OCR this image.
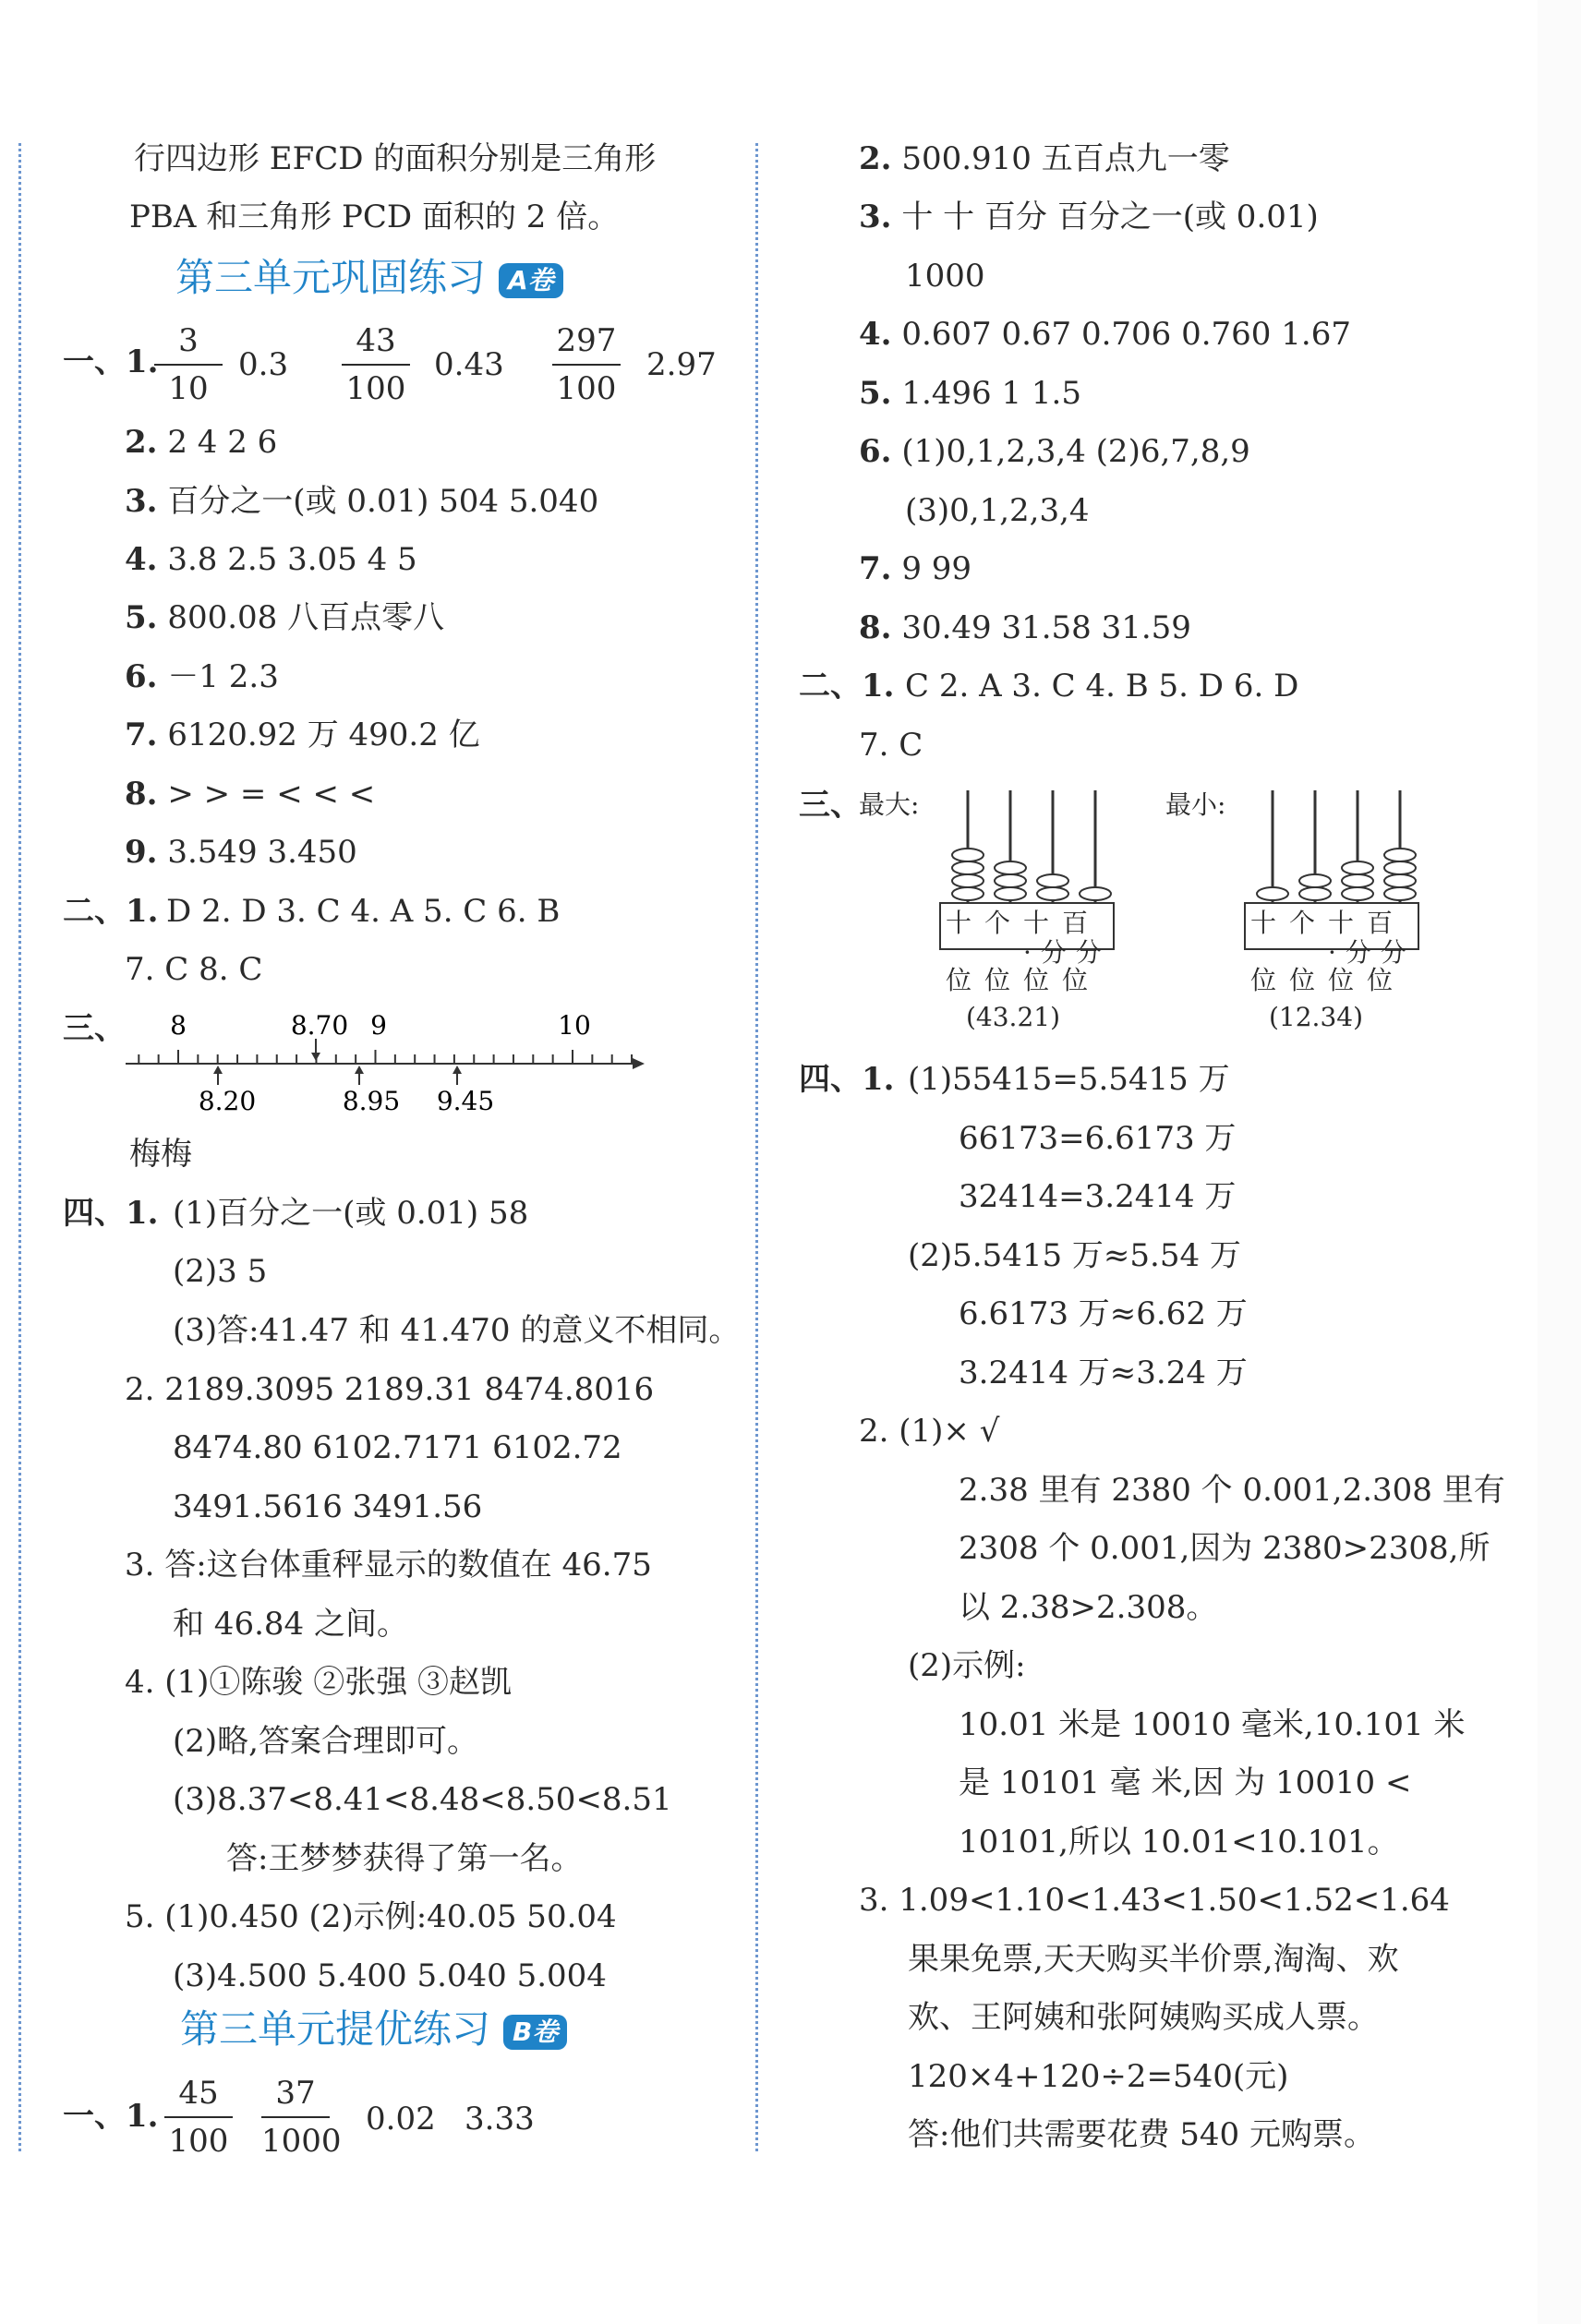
行四边形 EFCD 的面积分别是三角形
PBA 和三角形 PCD 面积的 2 倍。
第三单元巩固练习 A卷
一、1.
3
10
0.3
43
100
0.43
297
100
2.97
2. 2 4 2 6
3. 百分之一(或 0.01) 504 5.040
4. 3.8 2.5 3.05 4 5
5. 800.08 八百点零八
6. －1 2.3
7. 6120.92 万 490.2 亿
8. > > = < < <
9. 3.549 3.450
二、1. D 2. D 3. C 4. A 5. C 6. B
7. C 8. C
三、 8	8.70 9	10
8.20	8.95 9.45
梅梅
四、1. (1)百分之一(或 0.01) 58
(2)3 5
(3)答:41.47 和 41.470 的意义不相同。
2. 2189.3095 2189.31 8474.8016
8474.80 6102.7171 6102.72
3491.5616 3491.56
3. 答:这台体重秤显示的数值在 46.75
和 46.84 之间。
4. (1)①陈骏 ②张强 ③赵凯
(2)略,答案合理即可。
(3)8.37<8.41<8.48<8.50<8.51
答:王梦梦获得了第一名。
5. (1)0.450 (2)示例:40.05 50.04
(3)4.500 5.400 5.040 5.004
第三单元提优练习 B卷
一、1.
45
100
37
1000
0.02 3.33
2. 500.910 五百点九一零
3. 十 十 百分 百分之一(或 0.01)
1000
4. 0.607 0.67 0.706 0.760 1.67
5. 1.496 1 1.5
6. (1)0,1,2,3,4 (2)6,7,8,9
(3)0,1,2,3,4
7. 9 99
8. 30.49 31.58 31.59
二、1. C 2. A 3. C 4. B 5. D 6. D
7. C
三、
最大:	最小:
十个十百
·分分
位位位位
(43.21)
十个十百
·分分
位位位位
(12.34)
四、1. (1)55415=5.5415 万
66173=6.6173 万
32414=3.2414 万
(2)5.5415 万≈5.54 万
6.6173 万≈6.62 万
3.2414 万≈3.24 万
2. (1)× √
2.38 里有 2380 个 0.001,2.308 里有
2308 个 0.001,因为 2380>2308,所
以 2.38>2.308。
(2)示例:
10.01 米是 10010 毫米,10.101 米
是 10101 毫 米,因 为 10010 <
10101,所以 10.01<10.101。
3. 1.09<1.10<1.43<1.50<1.52<1.64
果果免票,天天购买半价票,淘淘、欢
欢、王阿姨和张阿姨购买成人票。
120×4+120÷2=540(元)
答:他们共需要花费 540 元购票。
